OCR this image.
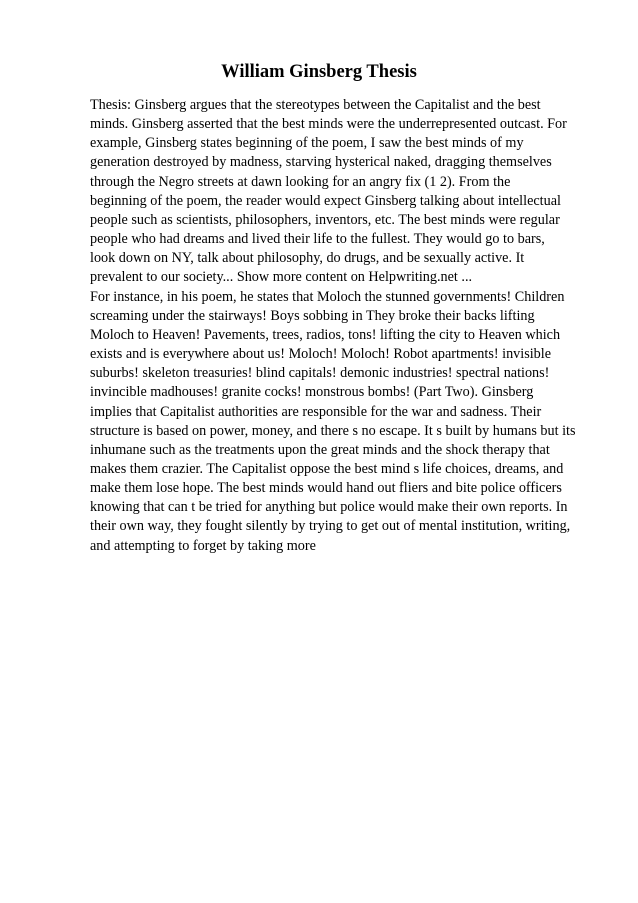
William Ginsberg Thesis

Thesis: Ginsberg argues that the stereotypes between the Capitalist and the best
minds. Ginsberg asserted that the best minds were the underrepresented outcast. For
example, Ginsberg states beginning of the poem, I saw the best minds of my
generation destroyed by madness, starving hysterical naked, dragging themselves
through the Negro streets at dawn looking for an angry fix (1 2). From the
beginning of the poem, the reader would expect Ginsberg talking about intellectual
people such as scientists, philosophers, inventors, etc. The best minds were regular
people who had dreams and lived their life to the fullest. They would go to bars,
look down on NY, talk about philosophy, do drugs, and be sexually active. It
prevalent to our society... Show more content on Helpwriting.net ...

For instance, in his poem, he states that Moloch the stunned governments! Children
screaming under the stairways! Boys sobbing in They broke their backs lifting
Moloch to Heaven! Pavements, trees, radios, tons! lifting the city to Heaven which
exists and is everywhere about us! Moloch! Moloch! Robot apartments! invisible
suburbs! skeleton treasuries! blind capitals! demonic industries! spectral nations!
invincible madhouses! granite cocks! monstrous bombs! (Part Two). Ginsberg
implies that Capitalist authorities are responsible for the war and sadness. Their
structure is based on power, money, and there s no escape. It s built by humans but its
inhumane such as the treatments upon the great minds and the shock therapy that
makes them crazier. The Capitalist oppose the best mind s life choices, dreams, and
make them lose hope. The best minds would hand out fliers and bite police officers
knowing that can t be tried for anything but police would make their own reports. In
their own way, they fought silently by trying to get out of mental institution, writing,
and attempting to forget by taking more
